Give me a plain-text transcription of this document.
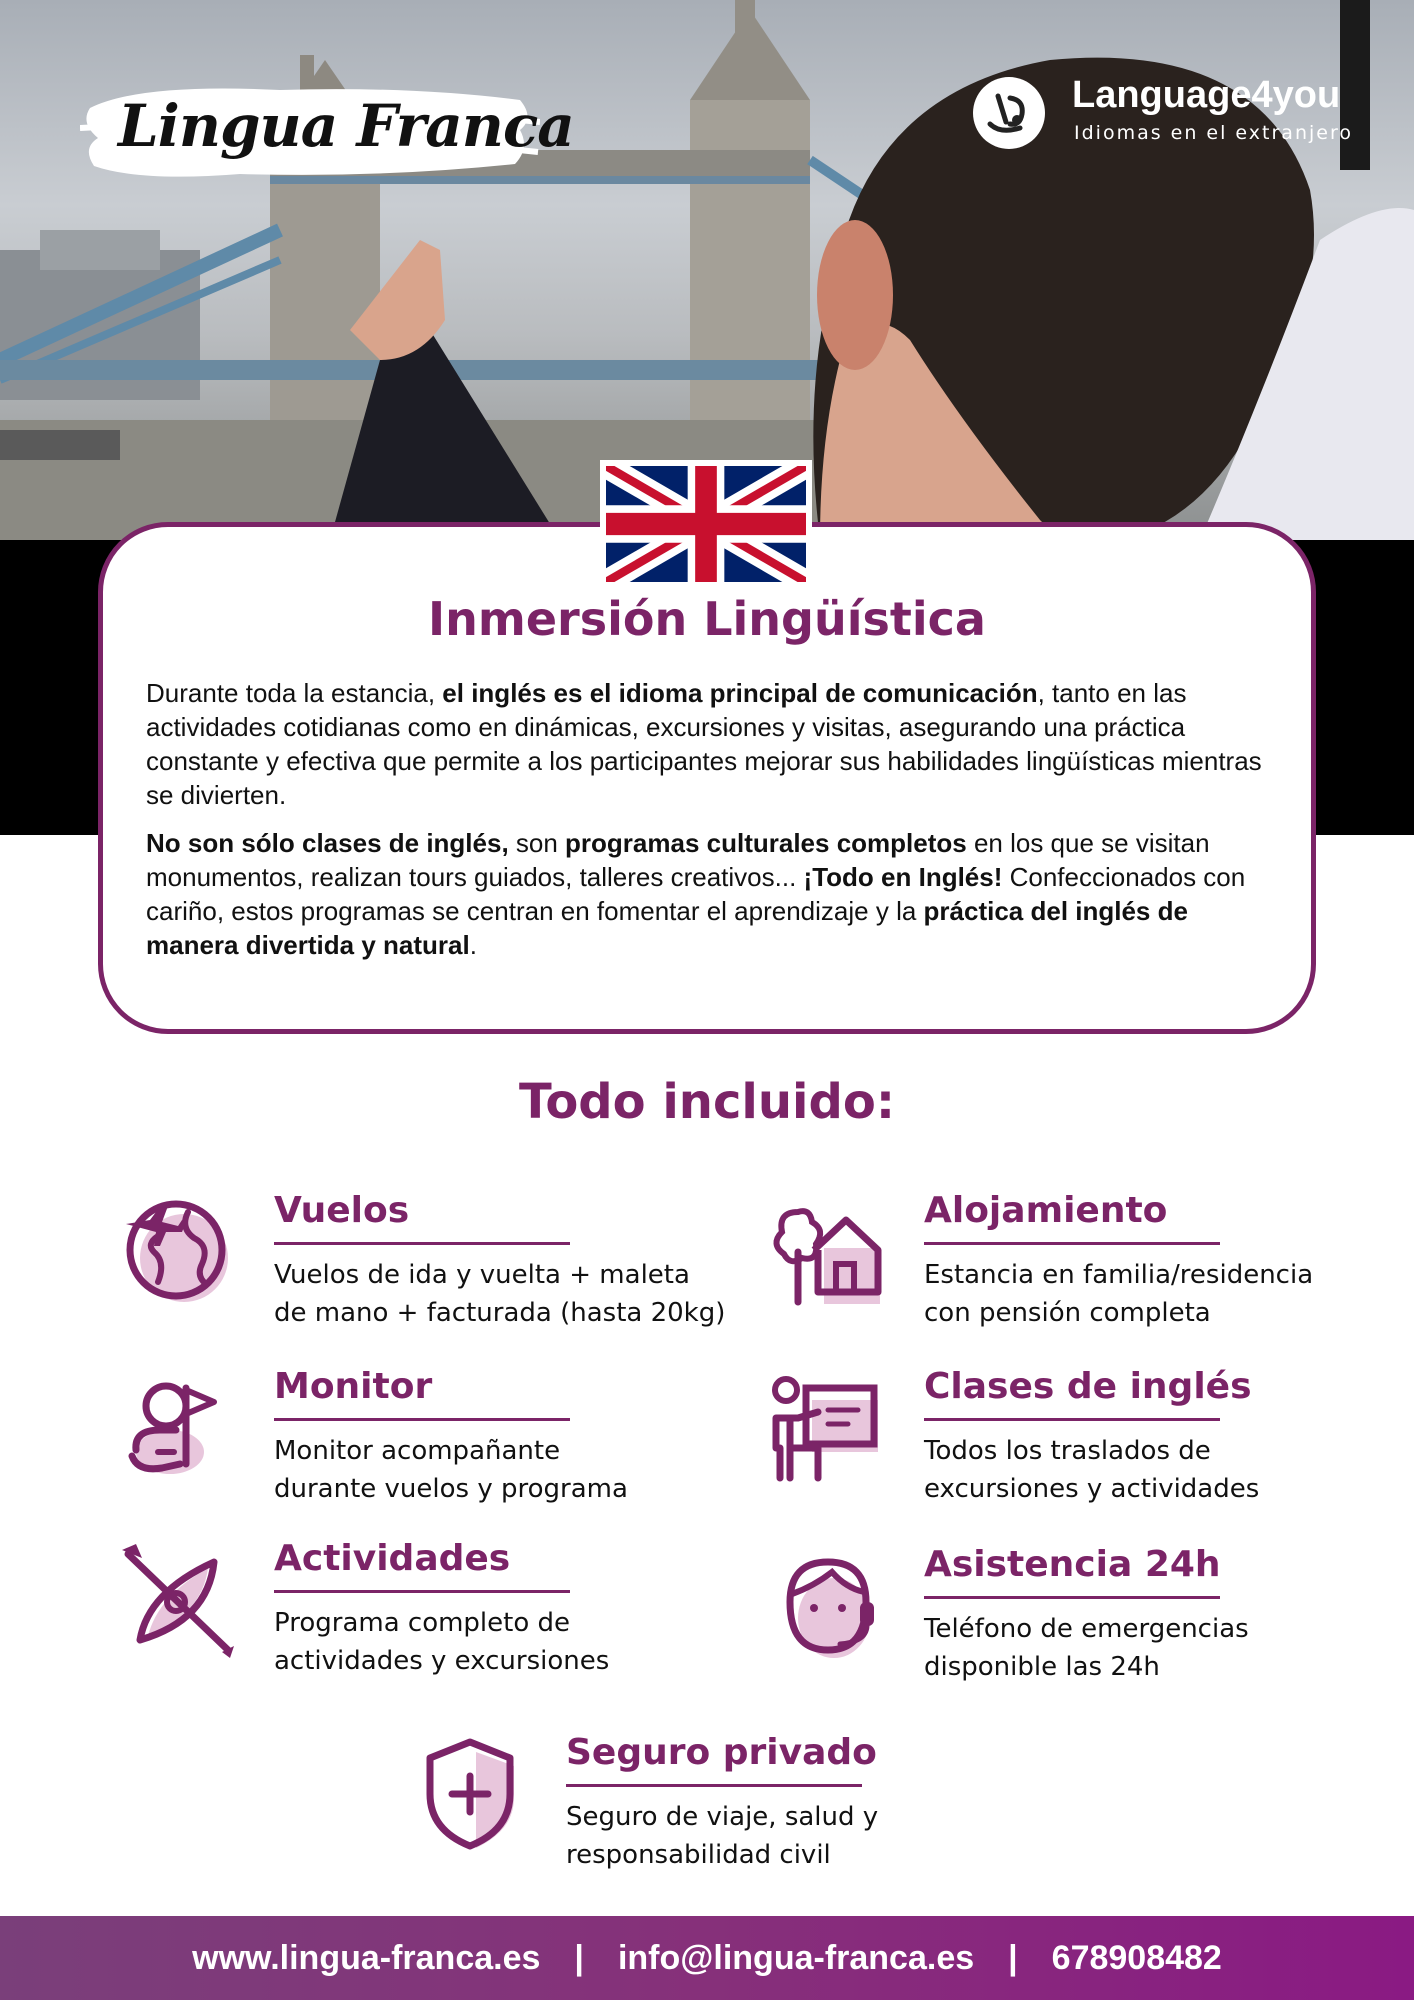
Lingua Franca	Language4you
Idiomas en el extranjero
Inmersión Lingüística
Durante toda la estancia, el inglés es el idioma principal de comunicación, tanto en las actividades cotidianas como en dinámicas, excursiones y visitas, asegurando una práctica constante y efectiva que permite a los participantes mejorar sus habilidades lingüísticas mientras se divierten.
No son sólo clases de inglés, son programas culturales completos en los que se visitan monumentos, realizan tours guiados, talleres creativos... ¡Todo en Inglés! Confeccionados con cariño, estos programas se centran en fomentar el aprendizaje y la práctica del inglés de manera divertida y natural.
Todo incluido:
Vuelos
Vuelos de ida y vuelta + maleta
de mano + facturada (hasta 20kg)
Alojamiento
Estancia en familia/residencia
con pensión completa
Monitor
Monitor acompañante
durante vuelos y programa
Clases de inglés
Todos los traslados de
excursiones y actividades
Actividades
Programa completo de
actividades y excursiones
Asistencia 24h
Teléfono de emergencias
disponible las 24h
Seguro privado
Seguro de viaje, salud y
responsabilidad civil
www.lingua-franca.es | info@lingua-franca.es | 678908482
